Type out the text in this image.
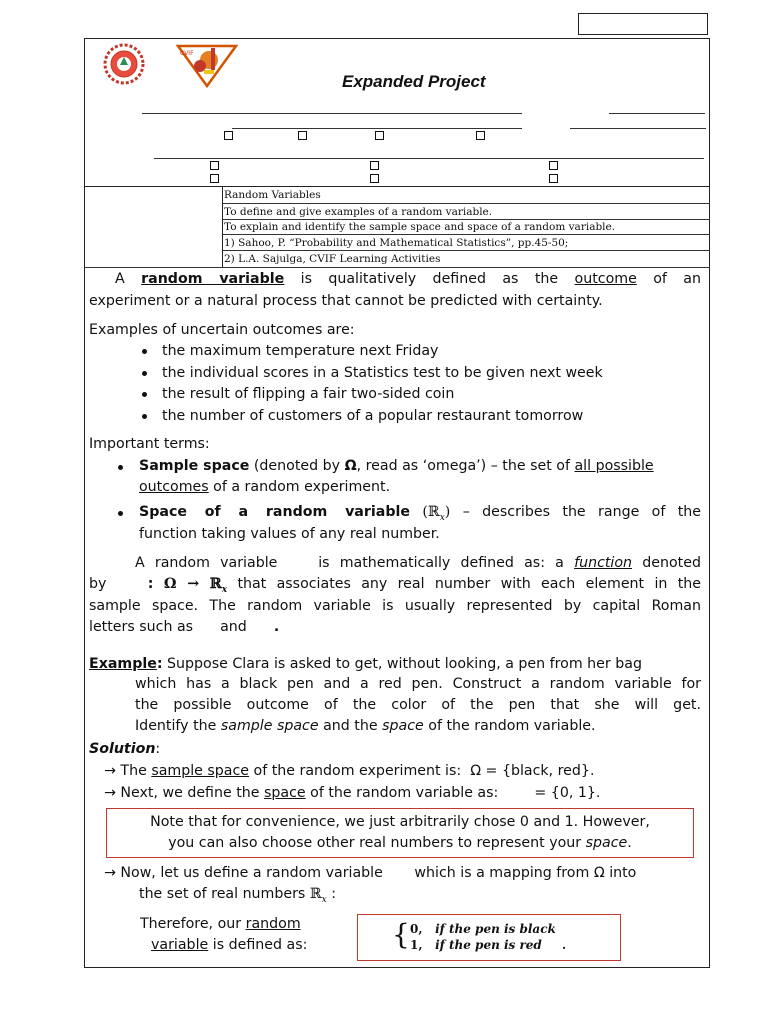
CVIF
Expanded Project
Random Variables
To define and give examples of a random variable.
To explain and identify the sample space and space of a random variable.
1) Sahoo, P. “Probability and Mathematical Statistics”, pp.45-50;
2) L.A. Sajulga, CVIF Learning Activities
A random variable is qualitatively defined as the outcome of an
experiment or a natural process that cannot be predicted with certainty.
Examples of uncertain outcomes are:
the maximum temperature next Friday
the individual scores in a Statistics test to be given next week
the result of flipping a fair two-sided coin
the number of customers of a popular restaurant tomorrow
Important terms:
Sample space (denoted by Ω, read as ‘omega’) – the set of all possible
outcomes of a random experiment.
Space of a random variable (ℝ$_x$) – describes the range of the
function taking values of any real number.
A random variable	is mathematically defined as: a function denoted
by	: Ω → ℝ$_x$ that associates any real number with each element in the
sample space. The random variable is usually represented by capital Roman
letters such as and .
Example: Suppose Clara is asked to get, without looking, a pen from her bag
which has a black pen and a red pen. Construct a random variable for
the possible outcome of the color of the pen that she will get.
Identify the sample space and the space of the random variable.
Solution:
→ The sample space of the random experiment is: Ω = {black, red}.
→ Next, we define the space of the random variable as:	= {0, 1}.
Note that for convenience, we just arbitrarily chose 0 and 1. However,
you can also choose other real numbers to represent your space.
→ Now, let us define a random variable which is a mapping from Ω into
the set of real numbers ℝ$_x$ :
Therefore, our random
variable is defined as:	{ 0, if the pen is black
1, if the pen is red .
